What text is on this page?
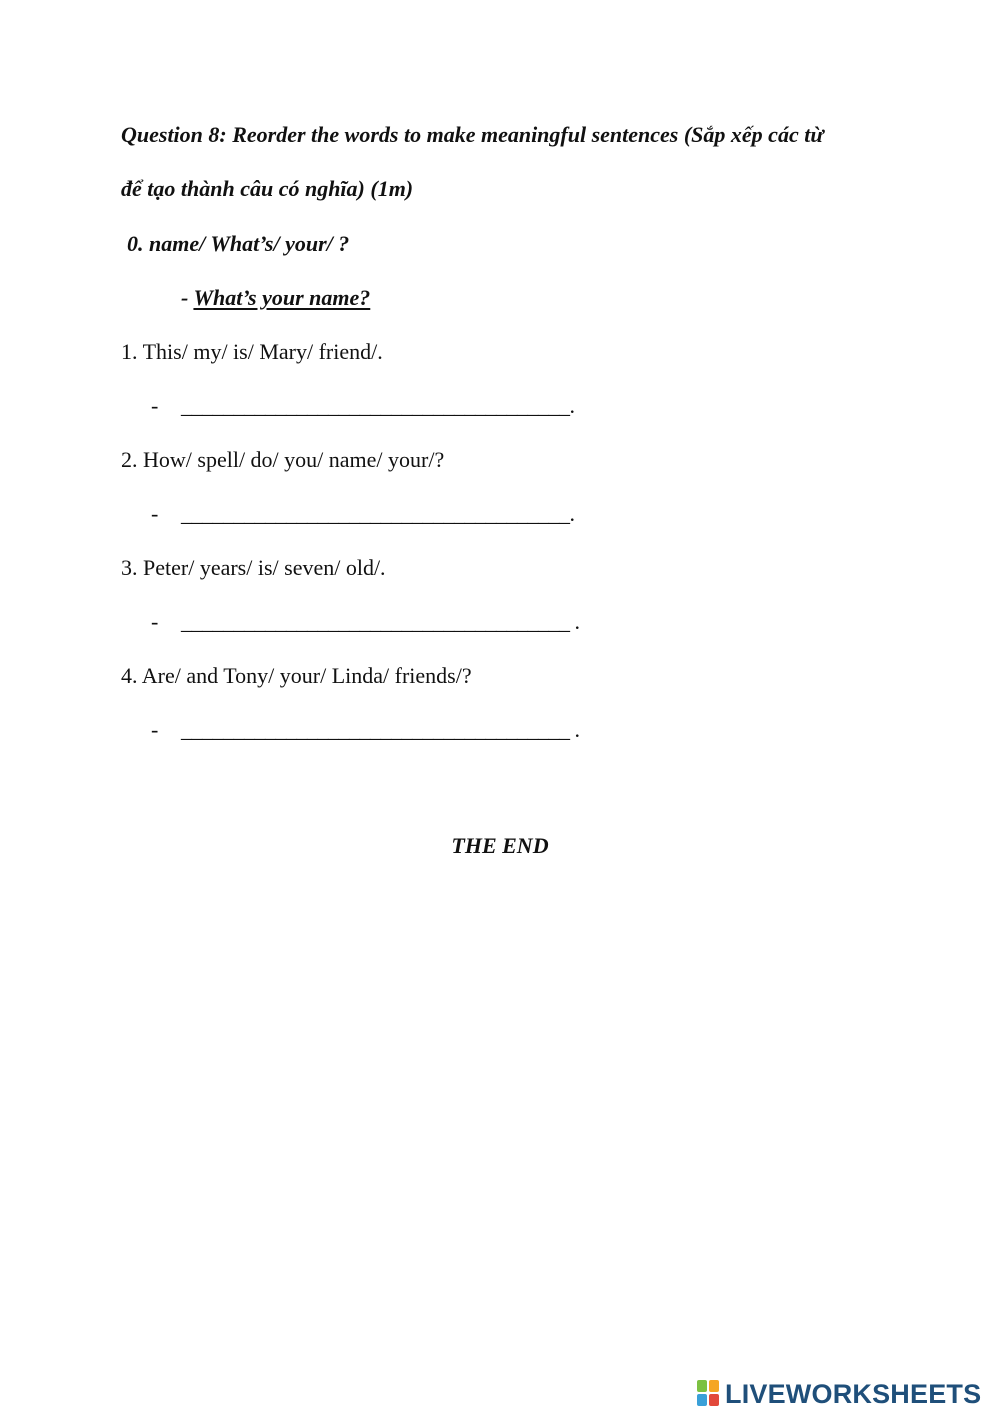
Question 8: Reorder the words to make meaningful sentences (Sắp xếp các từ
để tạo thành câu có nghĩa) (1m)
0. name/ What’s/ your/ ?
- What’s your name?
1. This/ my/ is/ Mary/ friend/.
- _____________________________________.
2. How/ spell/ do/ you/ name/ your/?
- _____________________________________.
3. Peter/ years/ is/ seven/ old/.
- _____________________________________ .
4. Are/ and Tony/ your/ Linda/ friends/?
- _____________________________________ .
THE END
LIVEWORKSHEETS
